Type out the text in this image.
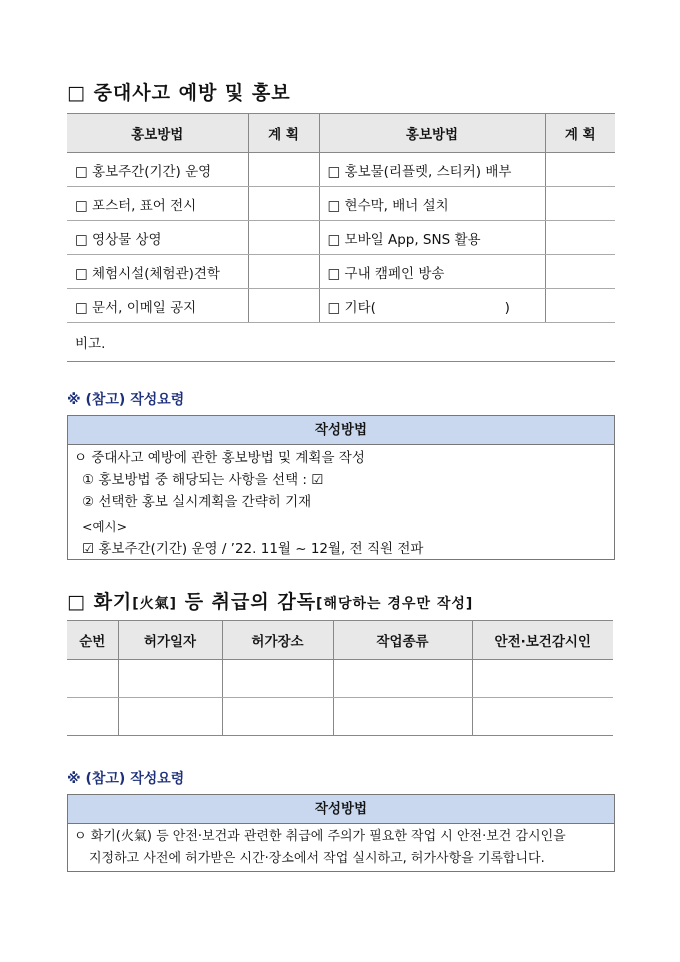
□ 중대사고 예방 및 홍보
홍보방법	계 획	홍보방법	계 획
□ 홍보주간(기간) 운영		□ 홍보물(리플렛, 스티커) 배부	
□ 포스터, 표어 전시		□ 현수막, 배너 설치	
□ 영상물 상영		□ 모바일 App, SNS 활용	
□ 체험시설(체험관)견학		□ 구내 캠페인 방송	
□ 문서, 이메일 공지		□ 기타(                              )	
비고.			
※ (참고) 작성요령
작성방법
ㅇ 중대사고 예방에 관한 홍보방법 및 계획을 작성
① 홍보방법 중 해당되는 사항을 선택 : ☑
② 선택한 홍보 실시계획을 간략히 기재
<예시>
☑ 홍보주간(기간) 운영 / ’22. 11월 ~ 12월, 전 직원 전파
□ 화기[火氣] 등 취급의 감독[해당하는 경우만 작성]
순번	허가일자	허가장소	작업종류	안전·보건감시인

※ (참고) 작성요령
작성방법
ㅇ 화기(火氣) 등 안전·보건과 관련한 취급에 주의가 필요한 작업 시 안전·보건 감시인을
지정하고 사전에 허가받은 시간·장소에서 작업 실시하고, 허가사항을 기록합니다.
